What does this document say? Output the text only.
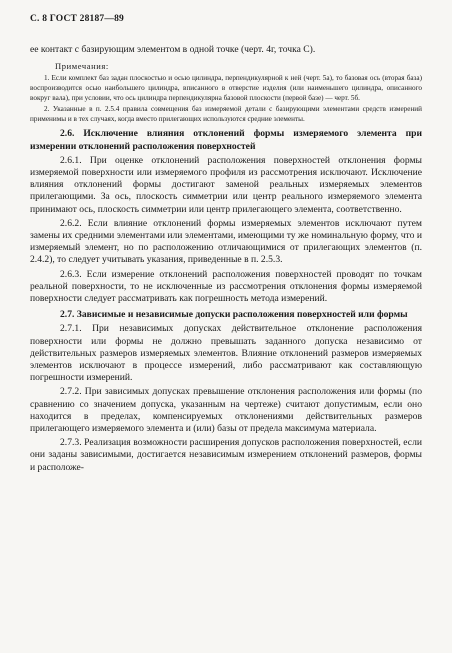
С. 8 ГОСТ 28187—89

ее контакт с базирующим элементом в одной точке (черт. 4г, точка C).

Примечания:

1. Если комплект баз задан плоскостью и осью цилиндра, перпендикулярной к ней (черт. 5а), то базовая ось (вторая база) воспроизводится осью наибольшего цилиндра, вписанного в отверстие изделия (или наименьшего цилиндра, описанного вокруг вала), при условии, что ось цилиндра перпендикулярна базовой плоскости (первой базе) — черт. 5б.

2. Указанные в п. 2.5.4 правила совмещения баз измеряемой детали с базирующими элементами средств измерений применимы и в тех случаях, когда вместо прилегающих используются средние элементы.

2.6. Исключение влияния отклонений формы измеряемого элемента при измерении отклонений расположения поверхностей

2.6.1. При оценке отклонений расположения поверхностей отклонения формы измеряемой поверхности или измеряемого профиля из рассмотрения исключают. Исключение влияния отклонений формы достигают заменой реальных измеряемых элементов прилегающими. За ось, плоскость симметрии или центр реального измеряемого элемента принимают ось, плоскость симметрии или центр прилегающего элемента, соответственно.

2.6.2. Если влияние отклонений формы измеряемых элементов исключают путем замены их средними элементами или элементами, имеющими ту же номинальную форму, что и измеряемый элемент, но по расположению отличающимися от прилегающих элементов (п. 2.4.2), то следует учитывать указания, приведенные в п. 2.5.3.

2.6.3. Если измерение отклонений расположения поверхностей проводят по точкам реальной поверхности, то не исключенные из рассмотрения отклонения формы измеряемой поверхности следует рассматривать как погрешность метода измерений.

2.7. Зависимые и независимые допуски расположения поверхностей или формы

2.7.1. При независимых допусках действительное отклонение расположения поверхности или формы не должно превышать заданного допуска независимо от действительных размеров измеряемых элементов. Влияние отклонений размеров измеряемых элементов исключают в процессе измерений, либо рассматривают как составляющую погрешности измерений.

2.7.2. При зависимых допусках превышение отклонения расположения или формы (по сравнению со значением допуска, указанным на чертеже) считают допустимым, если оно находится в пределах, компенсируемых отклонениями действительных размеров прилегающего измеряемого элемента и (или) базы от предела максимума материала.

2.7.3. Реализация возможности расширения допусков расположения поверхностей, если они заданы зависимыми, достигается независимым измерением отклонений размеров, формы и расположе-
